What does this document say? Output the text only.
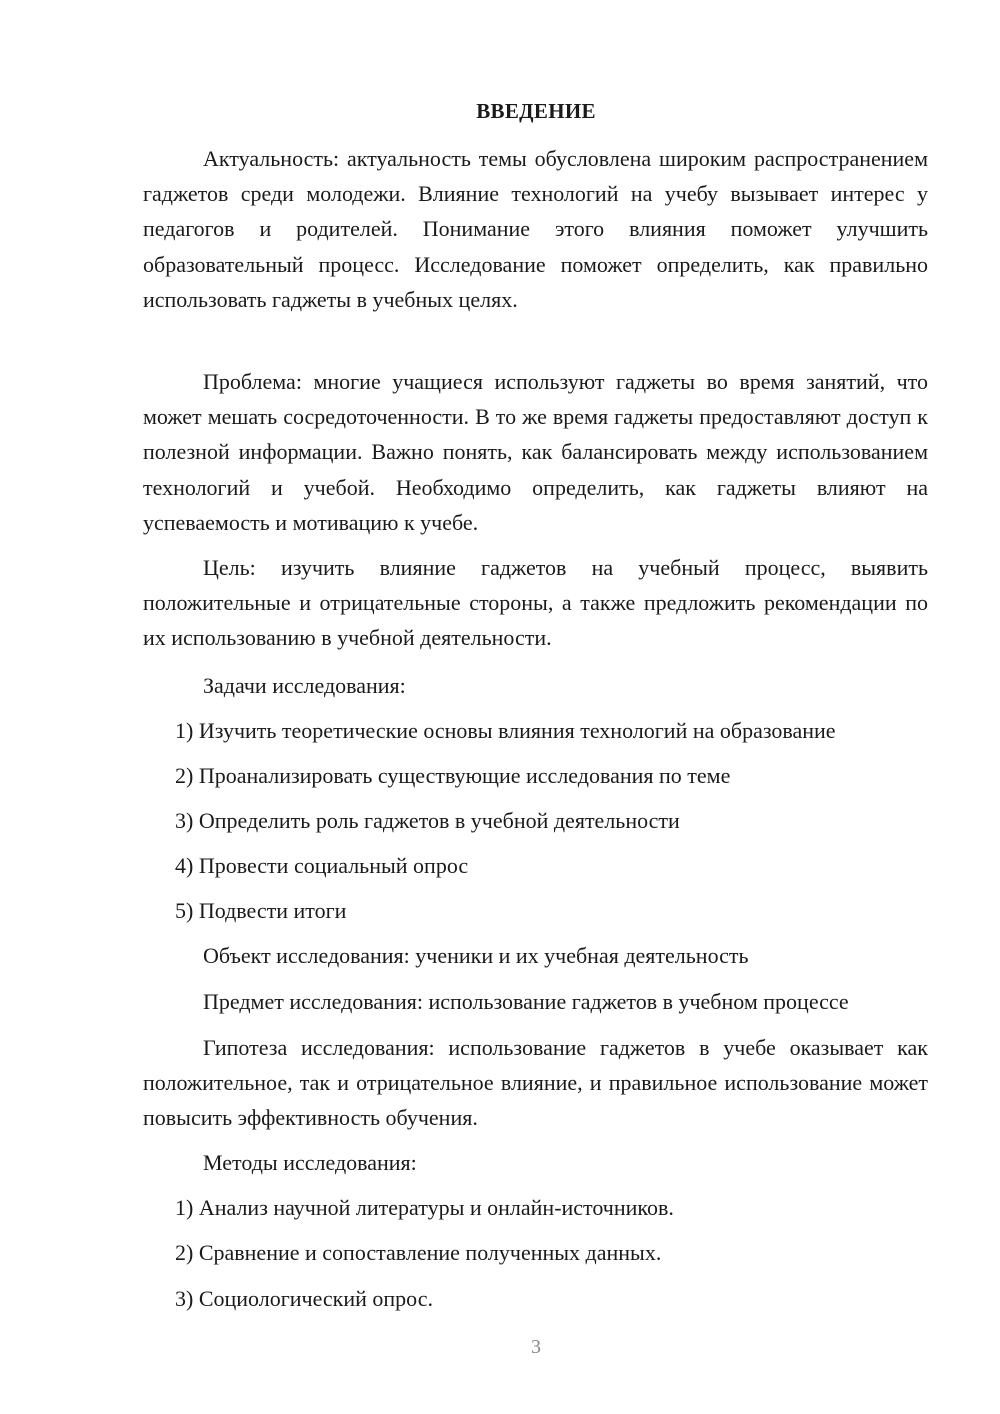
ВВЕДЕНИЕ
Актуальность: актуальность темы обусловлена широким распространением гаджетов среди молодежи. Влияние технологий на учебу вызывает интерес у педагогов и родителей. Понимание этого влияния поможет улучшить образовательный процесс. Исследование поможет определить, как правильно использовать гаджеты в учебных целях.
Проблема: многие учащиеся используют гаджеты во время занятий, что может мешать сосредоточенности. В то же время гаджеты предоставляют доступ к полезной информации. Важно понять, как балансировать между использованием технологий и учебой. Необходимо определить, как гаджеты влияют на успеваемость и мотивацию к учебе.
Цель: изучить влияние гаджетов на учебный процесс, выявить положительные и отрицательные стороны, а также предложить рекомендации по их использованию в учебной деятельности.
Задачи исследования:
1) Изучить теоретические основы влияния технологий на образование
2) Проанализировать существующие исследования по теме
3) Определить роль гаджетов в учебной деятельности
4) Провести социальный опрос
5) Подвести итоги
Объект исследования: ученики и их учебная деятельность
Предмет исследования: использование гаджетов в учебном процессе
Гипотеза исследования: использование гаджетов в учебе оказывает как положительное, так и отрицательное влияние, и правильное использование может повысить эффективность обучения.
Методы исследования:
1) Анализ научной литературы и онлайн-источников.
2) Сравнение и сопоставление полученных данных.
3) Социологический опрос.
3
